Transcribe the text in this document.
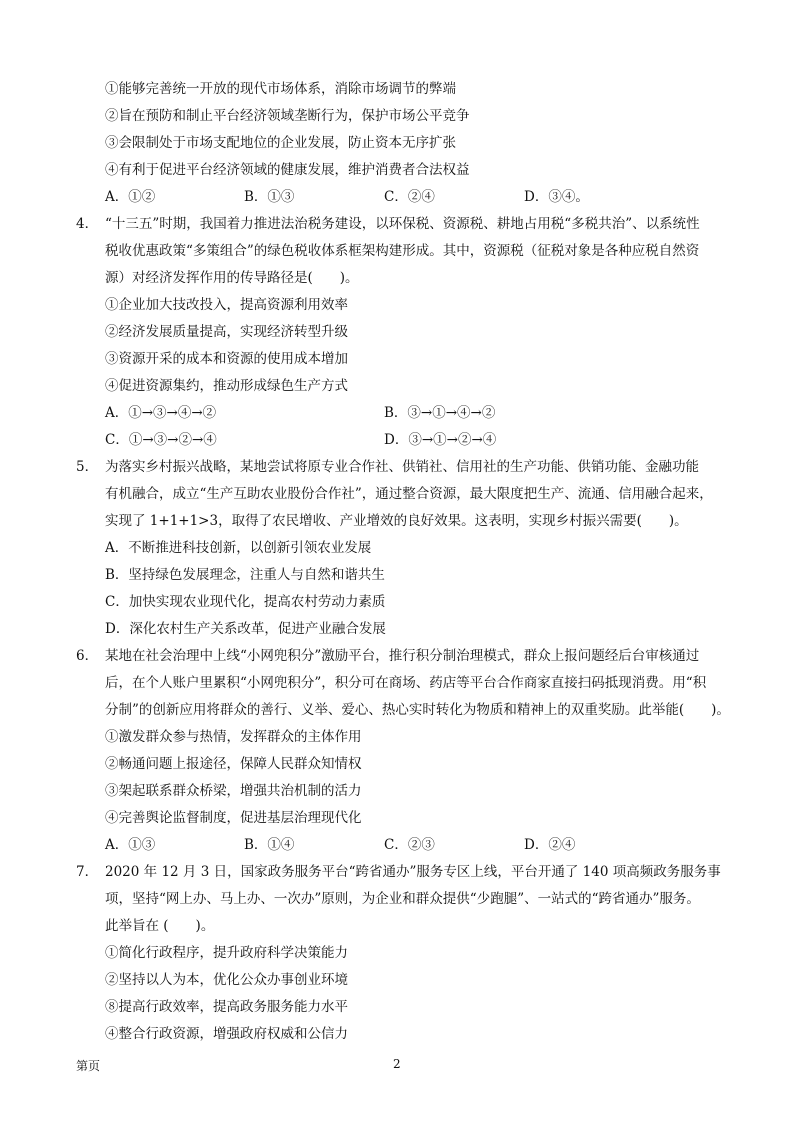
①能够完善统一开放的现代市场体系，消除市场调节的弊端
②旨在预防和制止平台经济领域垄断行为，保护市场公平竞争
③会限制处于市场支配地位的企业发展，防止资本无序扩张
④有利于促进平台经济领域的健康发展，维护消费者合法权益
A．①②	B．①③	C．②④	D．③④。
4． “十三五”时期，我国着力推进法治税务建设，以环保税、资源税、耕地占用税“多税共治”、以系统性
税收优惠政策“多策组合”的绿色税收体系框架构建形成。其中，资源税（征税对象是各种应税自然资
源）对经济发挥作用的传导路径是(　　)。
①企业加大技改投入，提高资源利用效率
②经济发展质量提高，实现经济转型升级
③资源开采的成本和资源的使用成本增加
④促进资源集约，推动形成绿色生产方式
A．①→③→④→②	B．③→①→④→②
C．①→③→②→④	D．③→①→②→④
5． 为落实乡村振兴战略，某地尝试将原专业合作社、供销社、信用社的生产功能、供销功能、金融功能
有机融合，成立“生产互助农业股份合作社”，通过整合资源，最大限度把生产、流通、信用融合起来，
实现了 1+1+1>3，取得了农民增收、产业增效的良好效果。这表明，实现乡村振兴需要(　　)。
A．不断推进科技创新，以创新引领农业发展
B．坚持绿色发展理念，注重人与自然和谐共生
C．加快实现农业现代化，提高农村劳动力素质
D．深化农村生产关系改革，促进产业融合发展
6． 某地在社会治理中上线“小网兜积分”激励平台，推行积分制治理模式，群众上报问题经后台审核通过
后，在个人账户里累积“小网兜积分”，积分可在商场、药店等平台合作商家直接扫码抵现消费。用“积
分制”的创新应用将群众的善行、义举、爱心、热心实时转化为物质和精神上的双重奖励。此举能(　　)。
①激发群众参与热情，发挥群众的主体作用
②畅通问题上报途径，保障人民群众知情权
③架起联系群众桥梁，增强共治机制的活力
④完善舆论监督制度，促进基层治理现代化
A．①③	B．①④	C．②③	D．②④
7． 2020 年 12 月 3 日，国家政务服务平台“跨省通办”服务专区上线，平台开通了 140 项高频政务服务事
项，坚持“网上办、马上办、一次办”原则，为企业和群众提供“少跑腿”、一站式的“跨省通办”服务。
此举旨在 (　　)。
①简化行政程序，提升政府科学决策能力
②坚持以人为本，优化公众办事创业环境
⑧提高行政效率，提高政务服务能力水平
④整合行政资源，增强政府权威和公信力
第页	2
